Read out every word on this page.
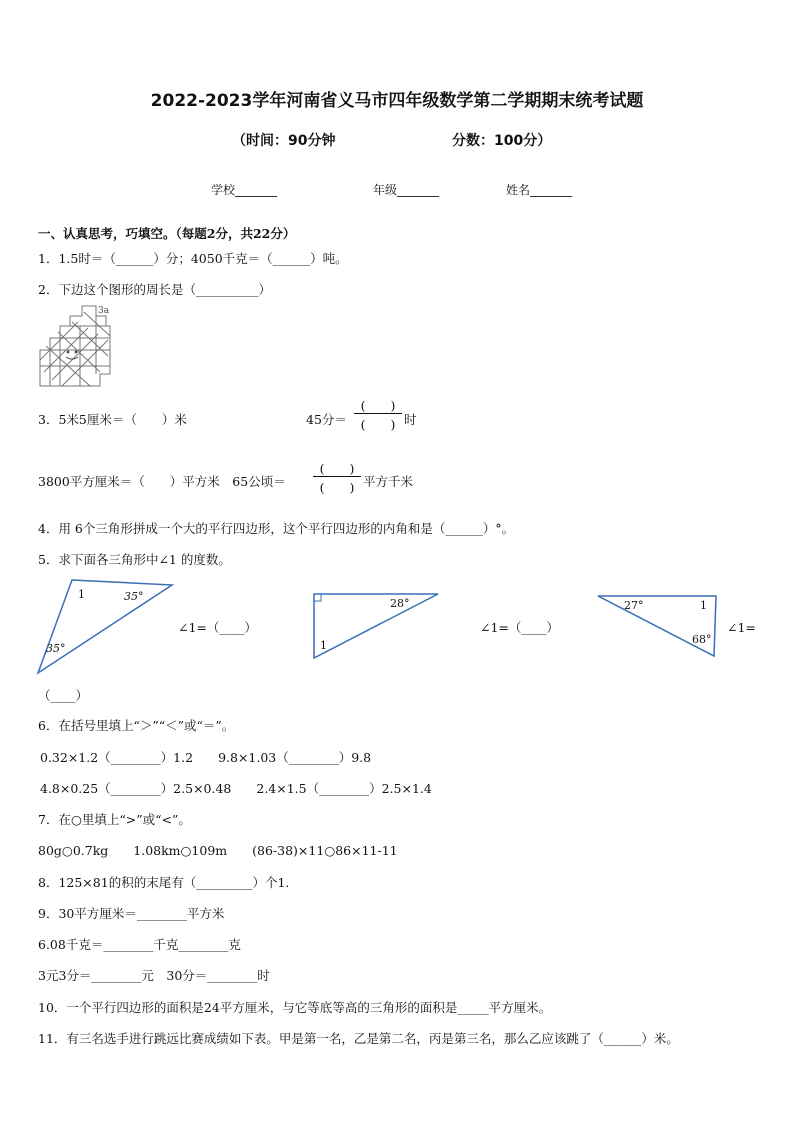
2022-2023学年河南省义马市四年级数学第二学期期末统考试题
（时间：90分钟	分数：100分）
学校_______	年级_______	姓名_______
一、认真思考，巧填空。（每题2分，共22分）
1．1.5时＝（______）分；4050千克＝（______）吨。
2．下边这个图形的周长是（__________）
3a
3．5米5厘米＝（　　）米	45分＝
(　　)
(　　) 时
3800平方厘米＝（　　）平方米　65公顷＝
(　　)
(　　) 平方千米
4．用 6个三角形拼成一个大的平行四边形，这个平行四边形的内角和是（______）°。
5．求下面各三角形中∠1 的度数。
1	35°
35°
∠1=（____）
28°
1
∠1=（____）
27°	1
68°
∠1=
（____）
6．在括号里填上“＞”“＜”或“＝”。
0.32×1.2（________）1.2　　9.8×1.03（________）9.8
4.8×0.25（________）2.5×0.48　　2.4×1.5（________）2.5×1.4
7．在○里填上“>”或“<”。
80g○0.7kg　　1.08km○109m　　(86-38)×11○86×11-11
8．125×81的积的末尾有（_________）个1.
9．30平方厘米＝________平方米
6.08千克＝________千克________克
3元3分＝________元　30分＝________时
10．一个平行四边形的面积是24平方厘米，与它等底等高的三角形的面积是_____平方厘米。
11．有三名选手进行跳远比赛成绩如下表。甲是第一名，乙是第二名，丙是第三名，那么乙应该跳了（______）米。
